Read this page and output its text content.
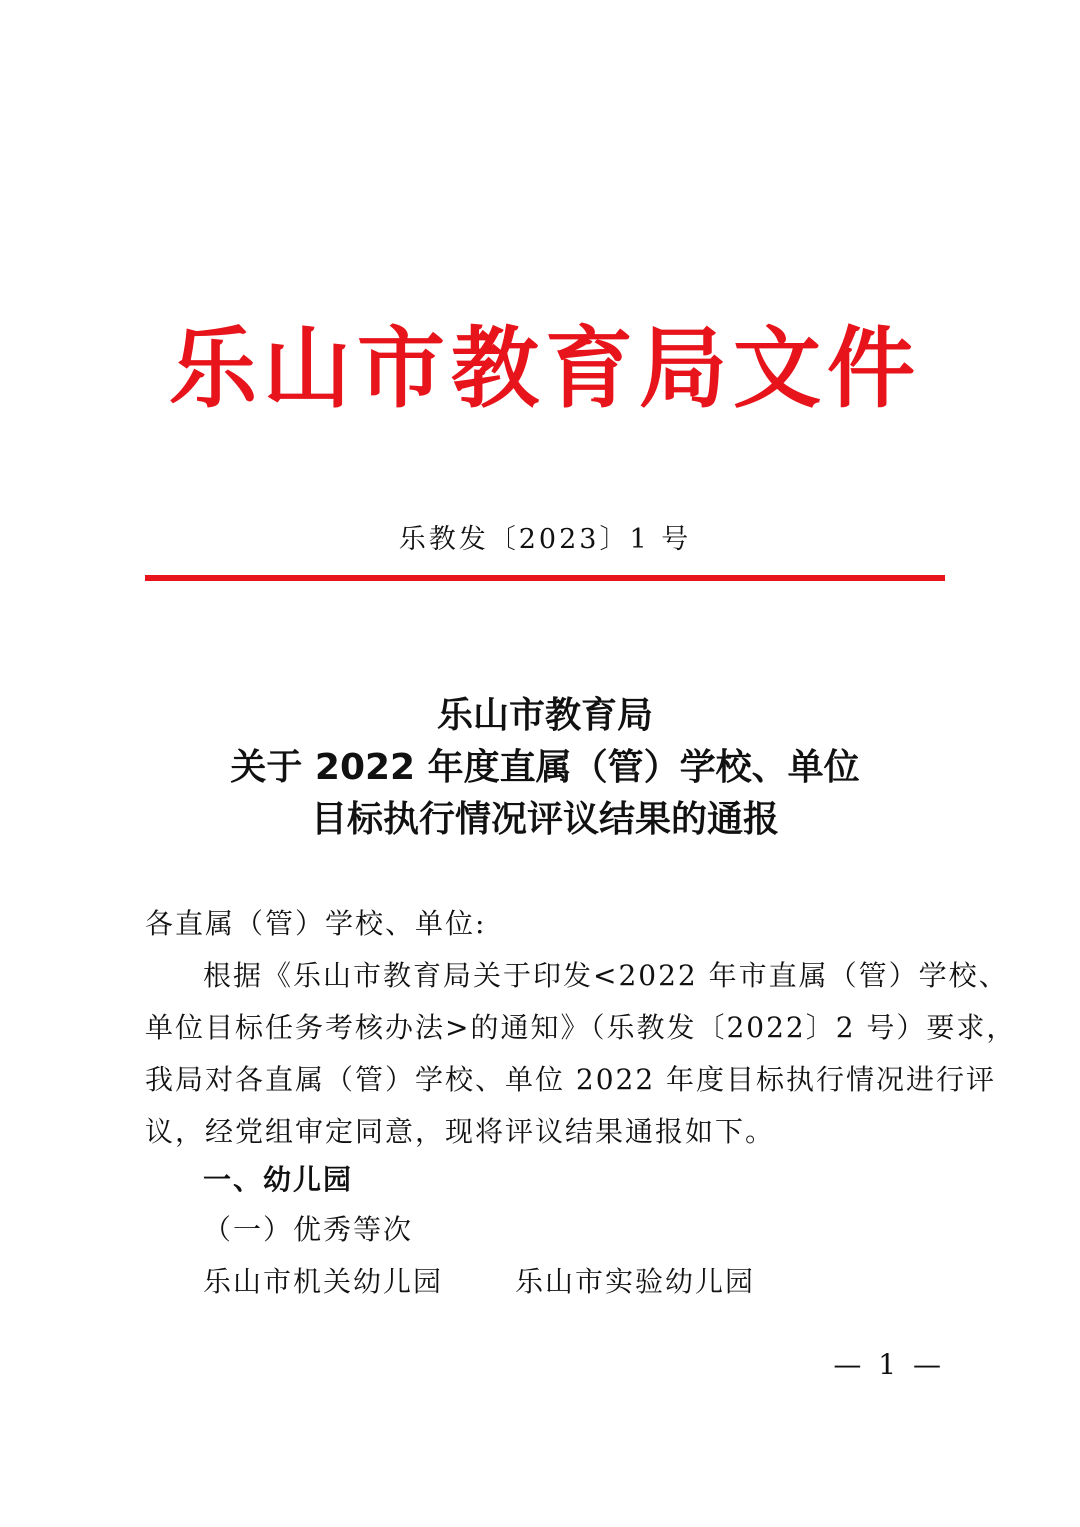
乐山市教育局文件
乐教发〔2023〕1 号
乐山市教育局
关于 2022 年度直属（管）学校、单位
目标执行情况评议结果的通报
各直属（管）学校、单位:
根据《乐山市教育局关于印发<2022 年市直属（管）学校、
单位目标任务考核办法>的通知》（乐教发〔2022〕2 号）要求，
我局对各直属（管）学校、单位 2022 年度目标执行情况进行评
议，经党组审定同意，现将评议结果通报如下。
一、幼儿园
（一）优秀等次
乐山市机关幼儿园	乐山市实验幼儿园
— 1 —
